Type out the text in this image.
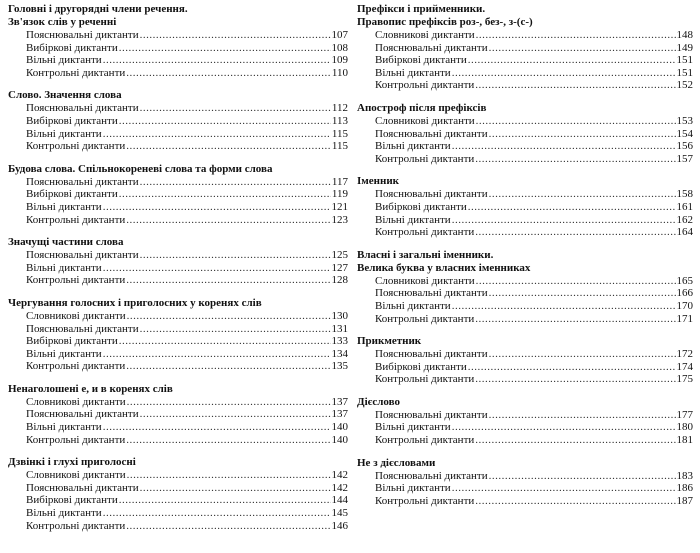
Головні і другорядні члени речення.
Зв'язок слів у реченні
Пояснювальні диктанти .....	107
Вибіркові диктанти .....	108
Вільні диктанти .....	109
Контрольні диктанти .....	110
Слово. Значення слова
Пояснювальні диктанти .....	112
Вибіркові диктанти .....	113
Вільні диктанти .....	115
Контрольні диктанти .....	115
Будова слова. Спільнокореневі слова та форми слова
Пояснювальні диктанти .....	117
Вибіркові диктанти .....	119
Вільні диктанти .....	121
Контрольні диктанти .....	123
Значущі частини слова
Пояснювальні диктанти .....	125
Вільні диктанти .....	127
Контрольні диктанти .....	128
Чергування голосних і приголосних у коренях слів
Словникові диктанти .....	130
Пояснювальні диктанти .....	131
Вибіркові диктанти .....	133
Вільні диктанти .....	134
Контрольні диктанти .....	135
Ненаголошені е, и в коренях слів
Словникові диктанти .....	137
Пояснювальні диктанти .....	137
Вільні диктанти .....	140
Контрольні диктанти .....	140
Дзвінкі і глухі приголосні
Словникові диктанти .....	142
Пояснювальні диктанти .....	142
Вибіркові диктанти .....	144
Вільні диктанти .....	145
Контрольні диктанти .....	146
Префікси і прийменники.
Правопис префіксів роз-, без-, з-(с-)
Словникові диктанти .....	148
Пояснювальні диктанти .....	149
Вибіркові диктанти .....	151
Вільні диктанти .....	151
Контрольні диктанти .....	152
Апостроф після префіксів
Словникові диктанти .....	153
Пояснювальні диктанти .....	154
Вільні диктанти .....	156
Контрольні диктанти .....	157
Іменник
Пояснювальні диктанти .....	158
Вибіркові диктанти .....	161
Вільні диктанти .....	162
Контрольні диктанти .....	164
Власні і загальні іменники.
Велика буква у власних іменниках
Словникові диктанти .....	165
Пояснювальні диктанти .....	166
Вільні диктанти .....	170
Контрольні диктанти .....	171
Прикметник
Пояснювальні диктанти .....	172
Вибіркові диктанти .....	174
Контрольні диктанти .....	175
Дієслово
Пояснювальні диктанти .....	177
Вільні диктанти .....	180
Контрольні диктанти .....	181
Не з дієсловами
Пояснювальні диктанти .....	183
Вільні диктанти .....	186
Контрольні диктанти .....	187
